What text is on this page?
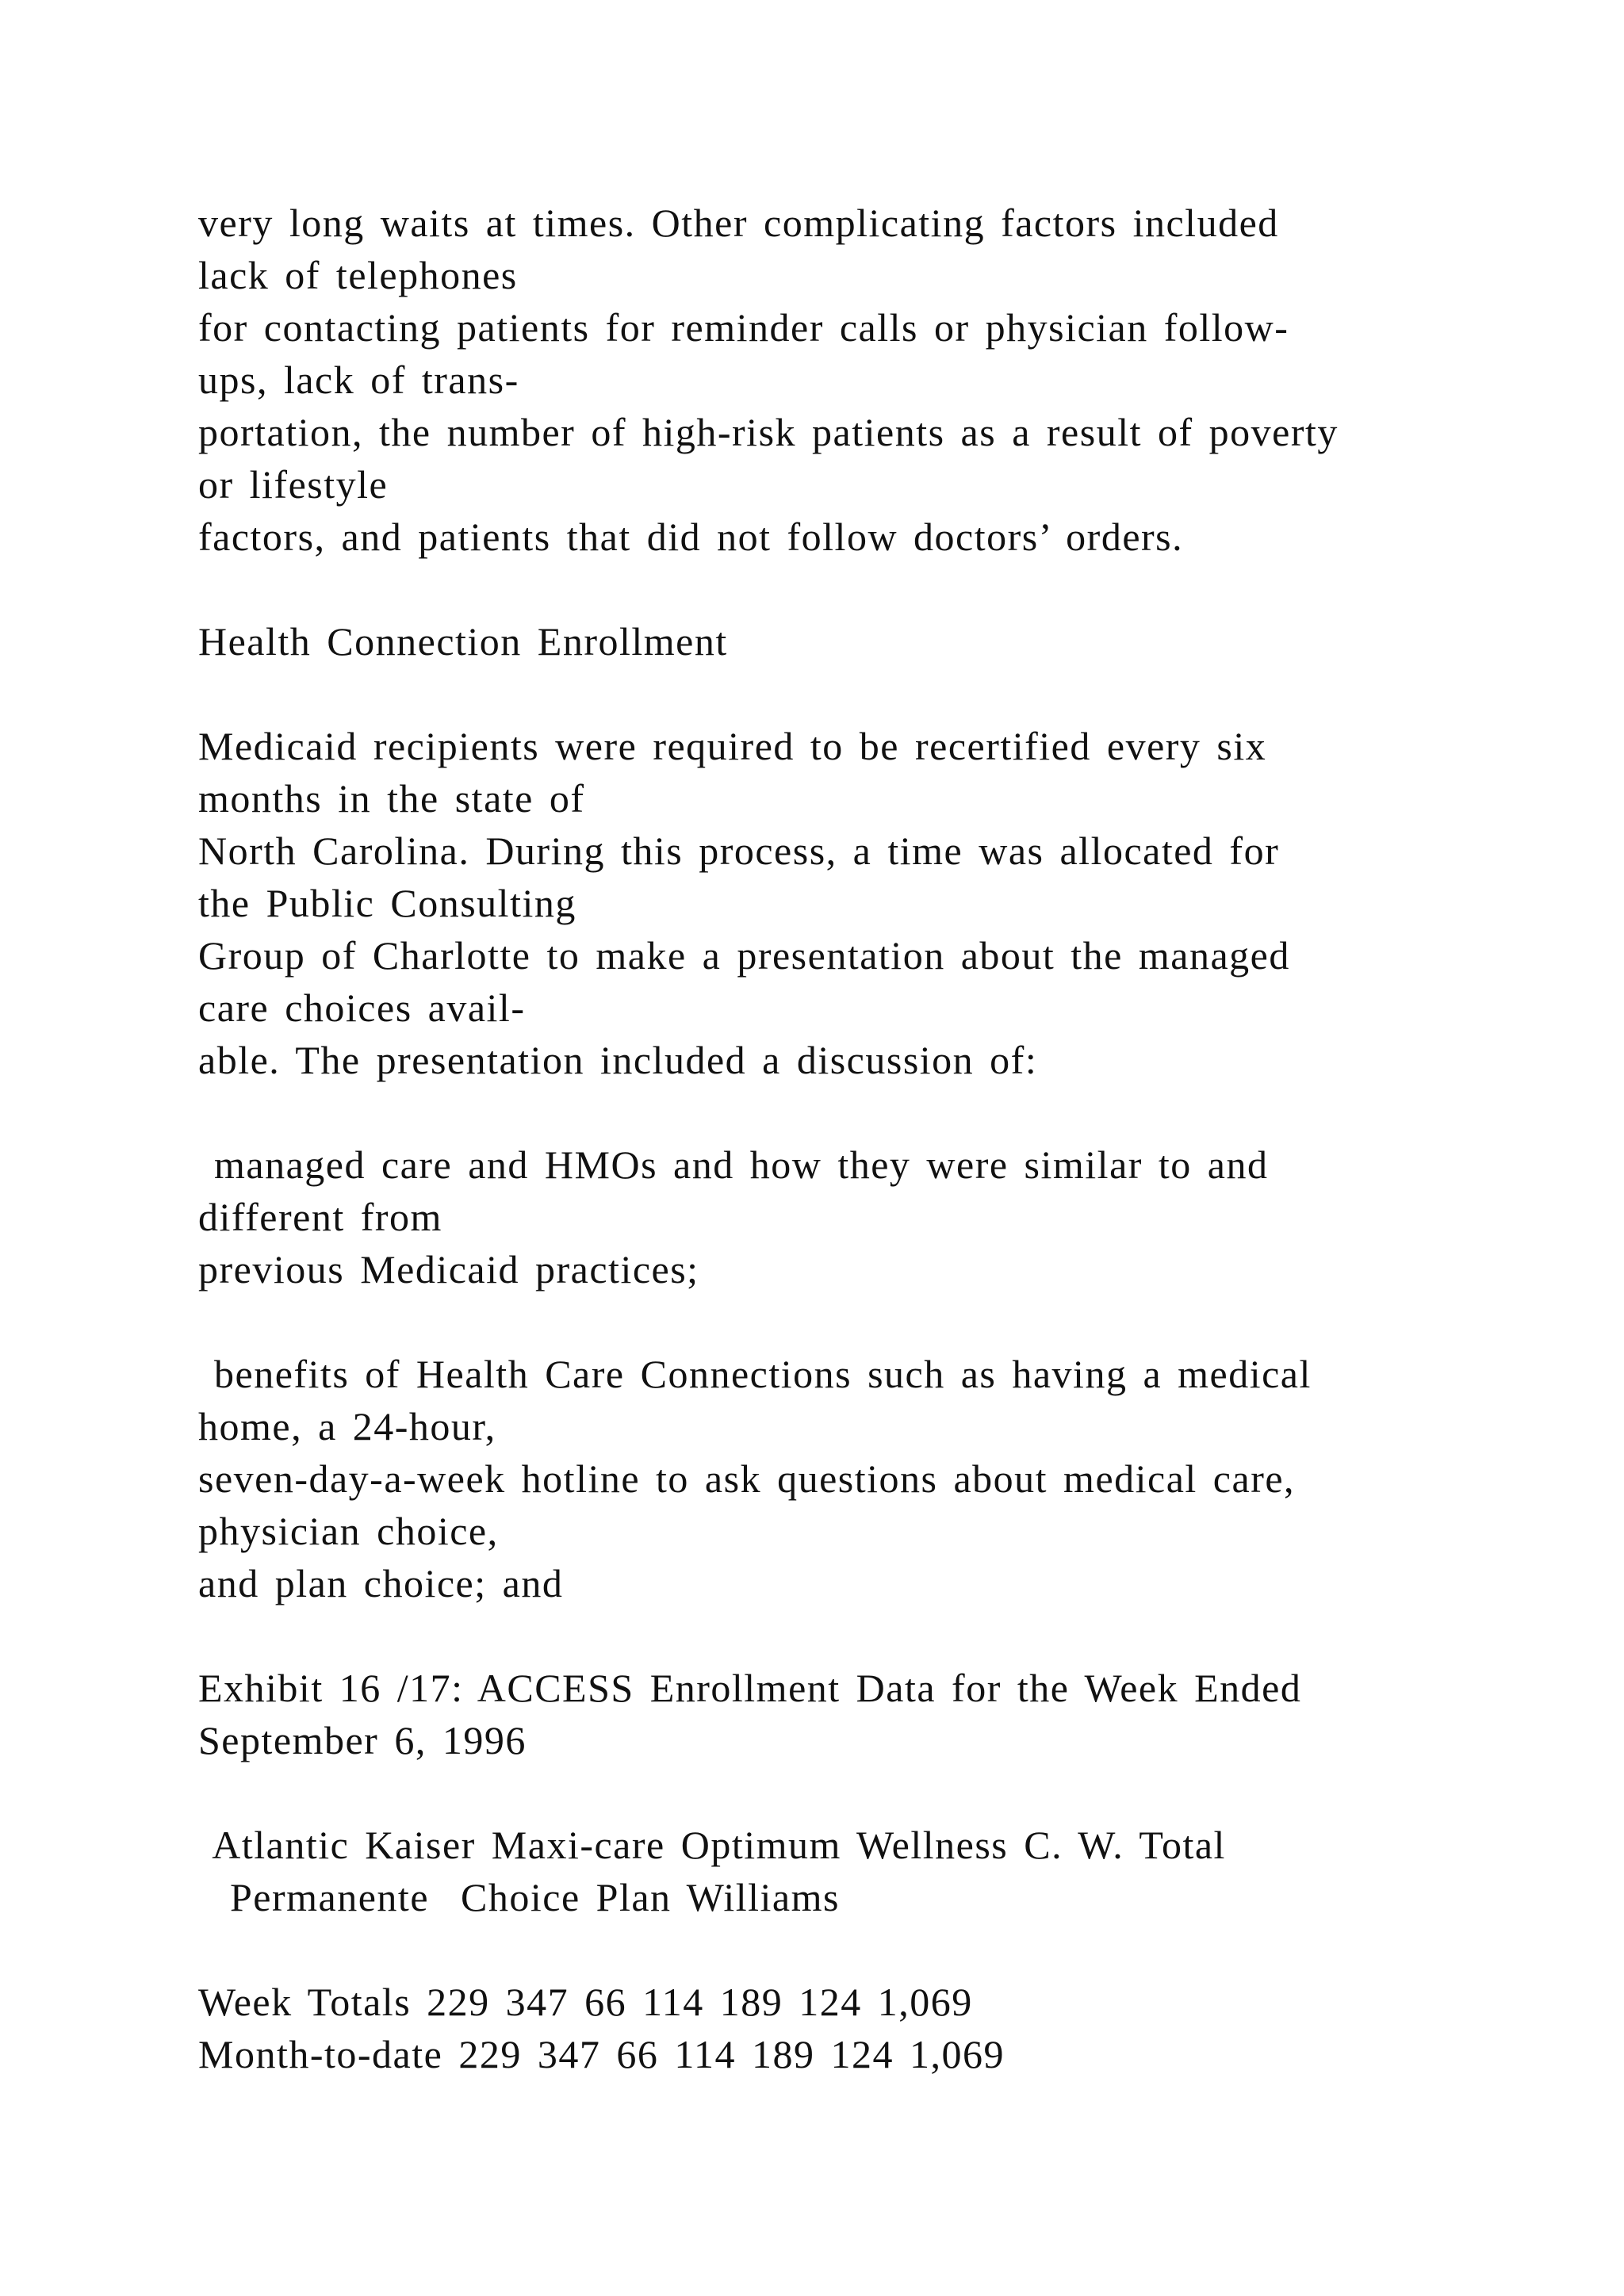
very long waits at times. Other complicating factors included
lack of telephones
for contacting patients for reminder calls or physician follow-
ups, lack of trans-
portation, the number of high-risk patients as a result of poverty
or lifestyle
factors, and patients that did not follow doctors’ orders.
Health Connection Enrollment
Medicaid recipients were required to be recertified every six
months in the state of
North Carolina. During this process, a time was allocated for
the Public Consulting
Group of Charlotte to make a presentation about the managed
care choices avail-
able. The presentation included a discussion of:
managed care and HMOs and how they were similar to and
different from
previous Medicaid practices;
benefits of Health Care Connections such as having a medical
home, a 24-hour,
seven-day-a-week hotline to ask questions about medical care,
physician choice,
and plan choice; and
Exhibit 16 /17: ACCESS Enrollment Data for the Week Ended
September 6, 1996
Atlantic Kaiser Maxi-care Optimum Wellness C. W. Total
Permanente  Choice Plan Williams
Week Totals 229 347 66 114 189 124 1,069
Month-to-date 229 347 66 114 189 124 1,069
